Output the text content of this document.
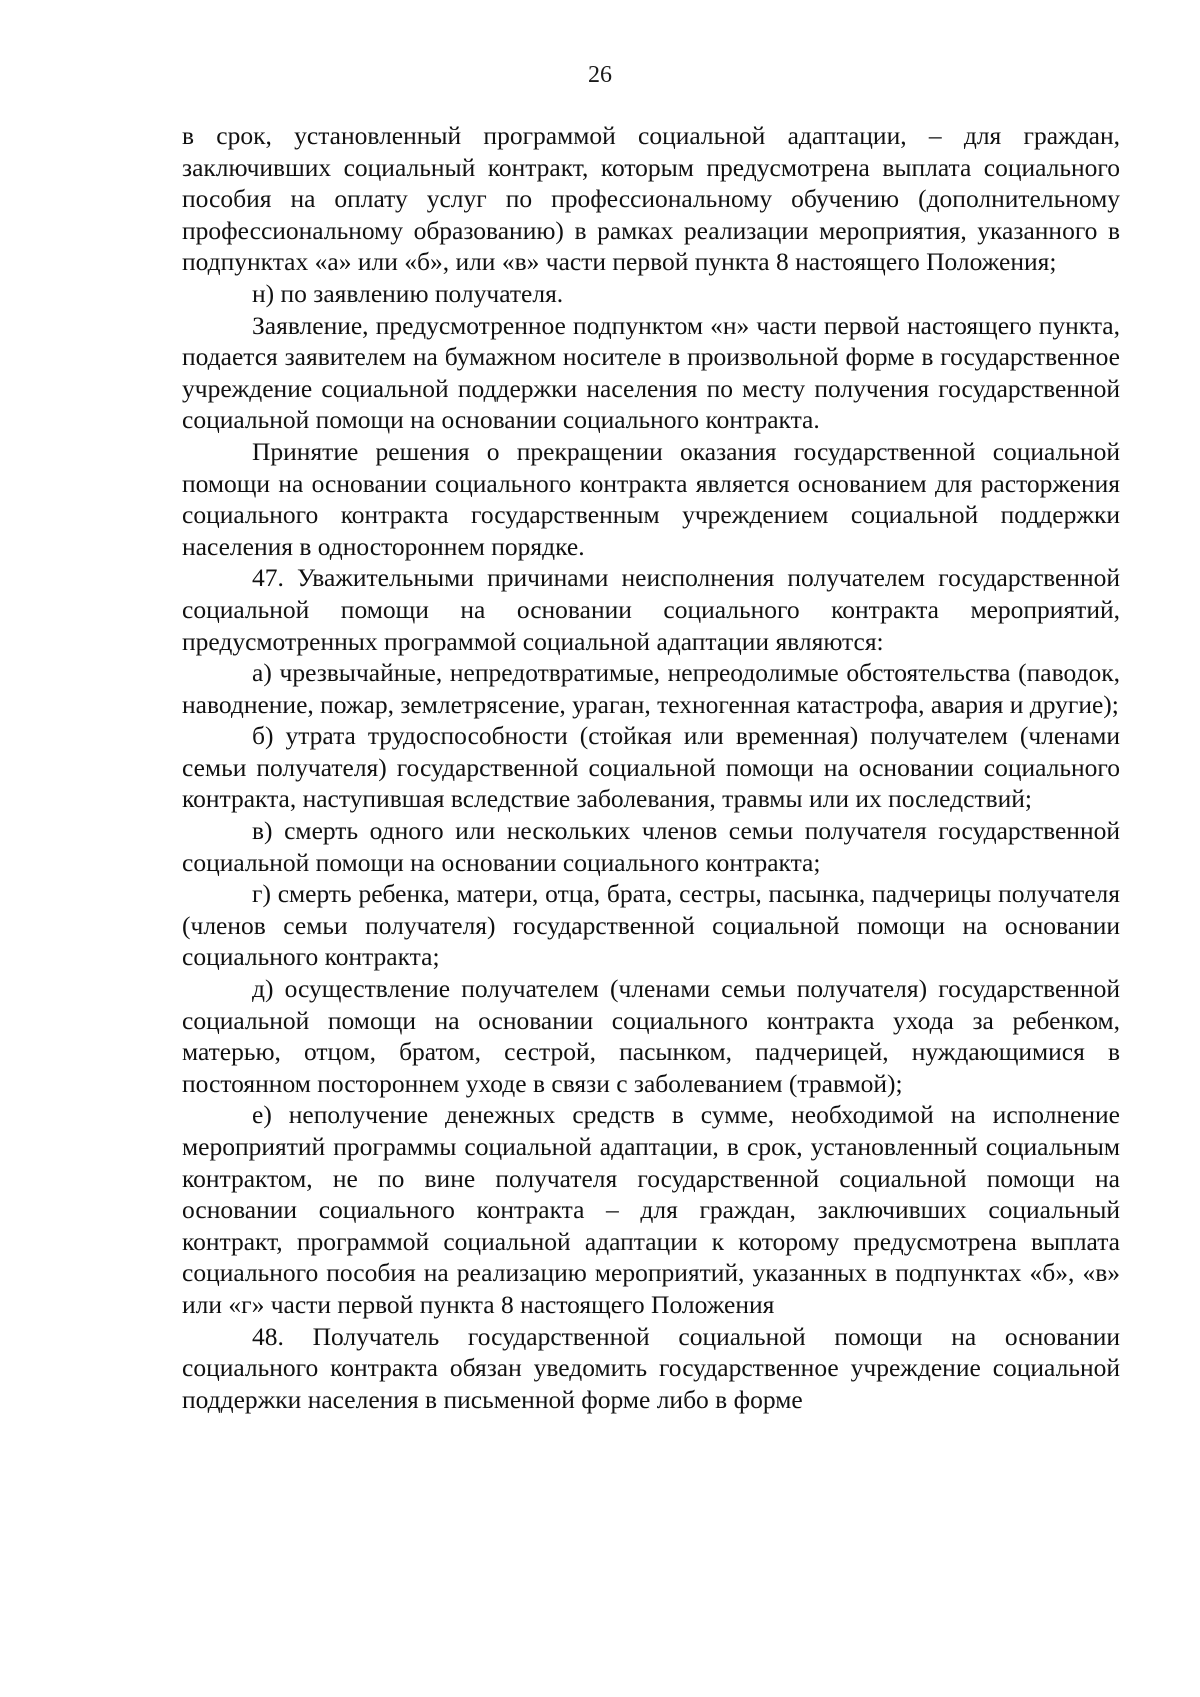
26

в срок, установленный программой социальной адаптации, – для граждан, заключивших социальный контракт, которым предусмотрена выплата социального пособия на оплату услуг по профессиональному обучению (дополнительному профессиональному образованию) в рамках реализации мероприятия, указанного в подпунктах «а» или «б», или «в» части первой пункта 8 настоящего Положения;

н) по заявлению получателя.

Заявление, предусмотренное подпунктом «н» части первой настоящего пункта, подается заявителем на бумажном носителе в произвольной форме в государственное учреждение социальной поддержки населения по месту получения государственной социальной помощи на основании социального контракта.

Принятие решения о прекращении оказания государственной социальной помощи на основании социального контракта является основанием для расторжения социального контракта государственным учреждением социальной поддержки населения в одностороннем порядке.

47. Уважительными причинами неисполнения получателем государственной социальной помощи на основании социального контракта мероприятий, предусмотренных программой социальной адаптации являются:

а) чрезвычайные, непредотвратимые, непреодолимые обстоятельства (паводок, наводнение, пожар, землетрясение, ураган, техногенная катастрофа, авария и другие);

б) утрата трудоспособности (стойкая или временная) получателем (членами семьи получателя) государственной социальной помощи на основании социального контракта, наступившая вследствие заболевания, травмы или их последствий;

в) смерть одного или нескольких членов семьи получателя государственной социальной помощи на основании социального контракта;

г) смерть ребенка, матери, отца, брата, сестры, пасынка, падчерицы получателя (членов семьи получателя) государственной социальной помощи на основании социального контракта;

д) осуществление получателем (членами семьи получателя) государственной социальной помощи на основании социального контракта ухода за ребенком, матерью, отцом, братом, сестрой, пасынком, падчерицей, нуждающимися в постоянном постороннем уходе в связи с заболеванием (травмой);

е) неполучение денежных средств в сумме, необходимой на исполнение мероприятий программы социальной адаптации, в срок, установленный социальным контрактом, не по вине получателя государственной социальной помощи на основании социального контракта – для граждан, заключивших социальный контракт, программой социальной адаптации к которому предусмотрена выплата социального пособия на реализацию мероприятий, указанных в подпунктах «б», «в» или «г» части первой пункта 8 настоящего Положения

48. Получатель государственной социальной помощи на основании социального контракта обязан уведомить государственное учреждение социальной поддержки населения в письменной форме либо в форме
